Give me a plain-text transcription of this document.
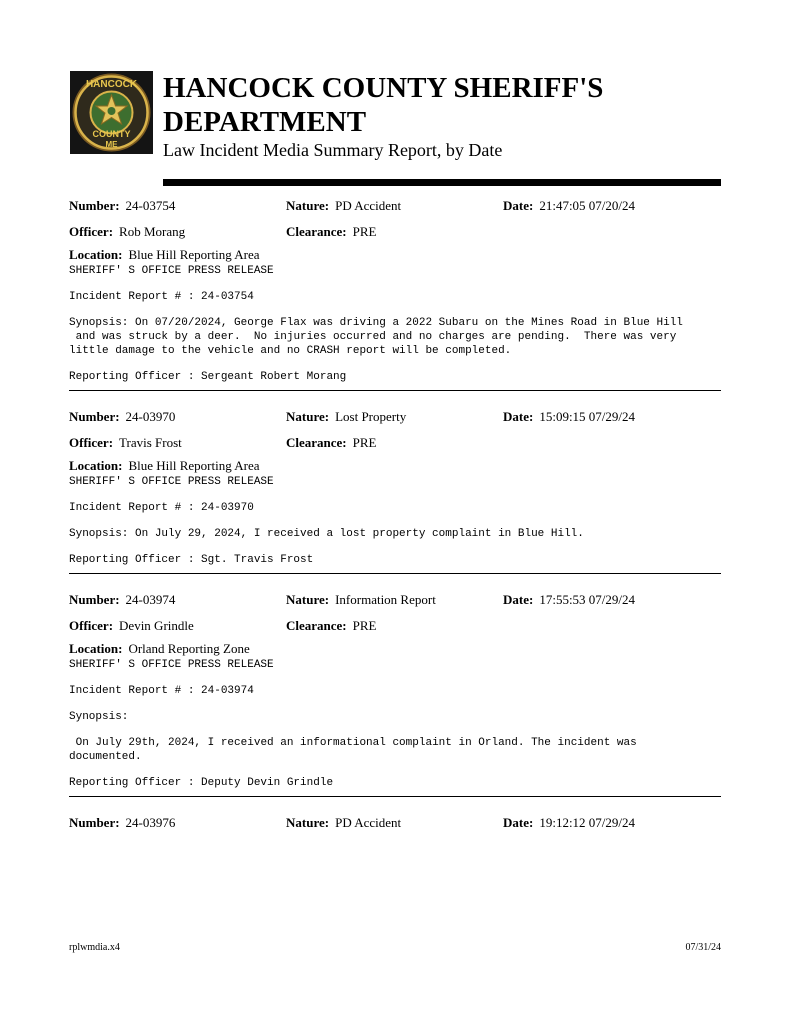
HANCOCK
COUNTY
ME
HANCOCK COUNTY SHERIFF'S DEPARTMENT
Law Incident Media Summary Report, by Date
Number: 24-03754	Nature: PD Accident	Date: 21:47:05 07/20/24
Officer: Rob Morang	Clearance: PRE
Location: Blue Hill Reporting Area

SHERIFF' S OFFICE PRESS RELEASE

Incident Report # : 24-03754

Synopsis: On 07/20/2024, George Flax was driving a 2022 Subaru on the Mines Road in Blue Hill
and was struck by a deer.  No injuries occurred and no charges are pending.  There was very
little damage to the vehicle and no CRASH report will be completed.

Reporting Officer : Sergeant Robert Morang

Number: 24-03970	Nature: Lost Property	Date: 15:09:15 07/29/24
Officer: Travis Frost	Clearance: PRE
Location: Blue Hill Reporting Area

SHERIFF' S OFFICE PRESS RELEASE

Incident Report # : 24-03970

Synopsis: On July 29, 2024, I received a lost property complaint in Blue Hill.

Reporting Officer : Sgt. Travis Frost

Number: 24-03974	Nature: Information Report	Date: 17:55:53 07/29/24
Officer: Devin Grindle	Clearance: PRE
Location: Orland Reporting Zone

SHERIFF' S OFFICE PRESS RELEASE

Incident Report # : 24-03974

Synopsis:

On July 29th, 2024, I received an informational complaint in Orland. The incident was
documented.

Reporting Officer : Deputy Devin Grindle

Number: 24-03976	Nature: PD Accident	Date: 19:12:12 07/29/24
rplwmdia.x4	07/31/24
